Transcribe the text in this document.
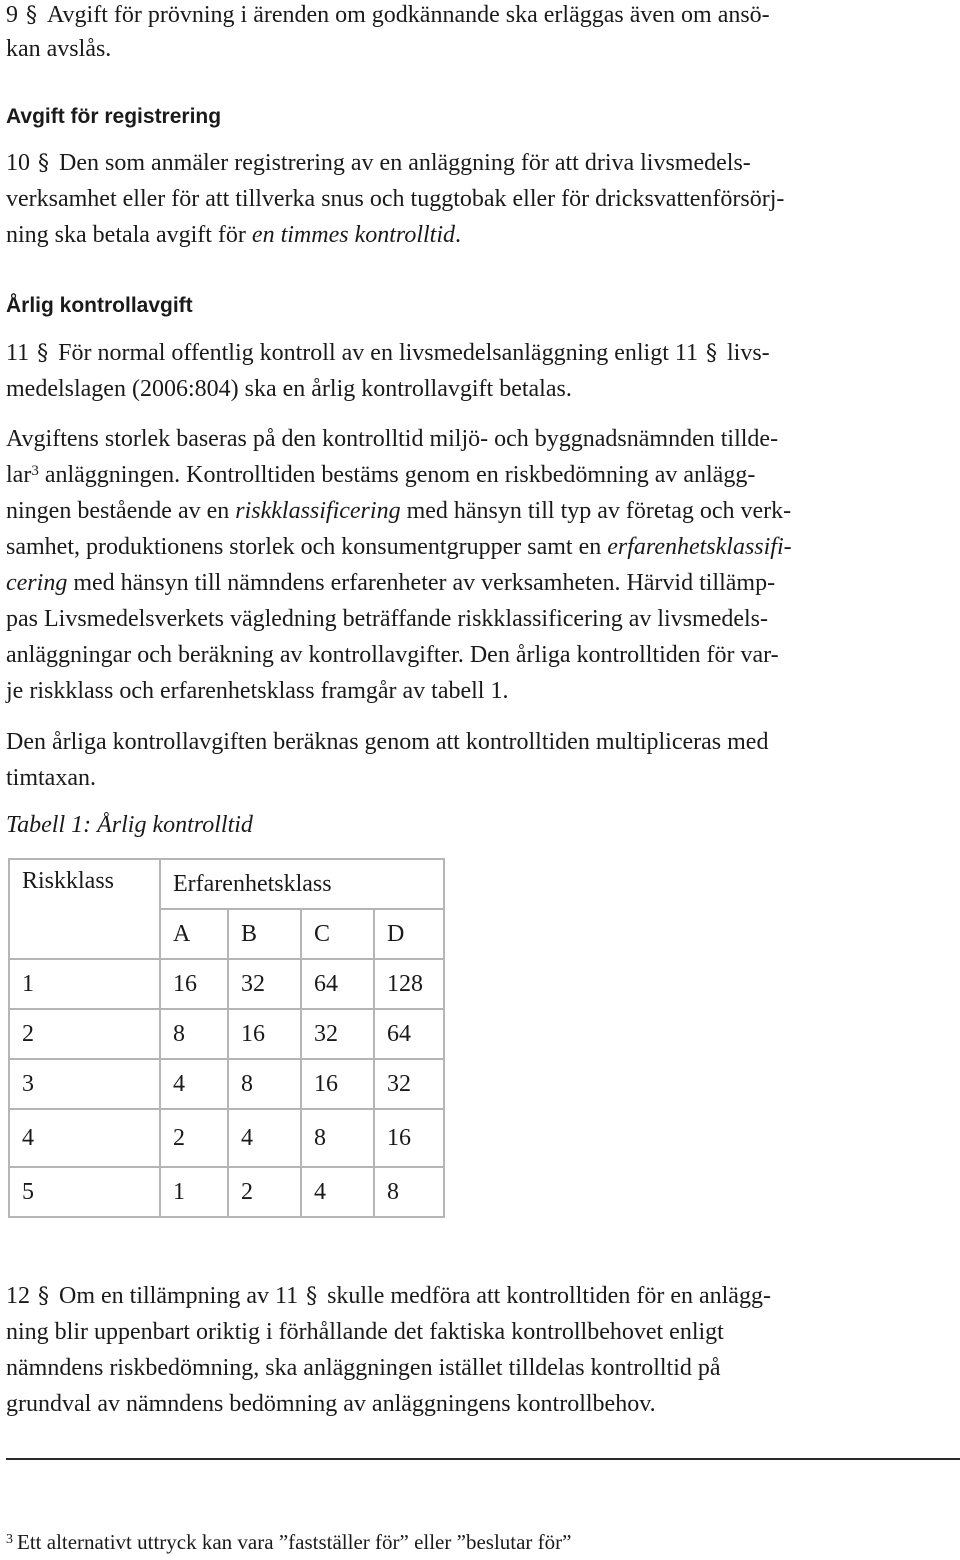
9 § Avgift för prövning i ärenden om godkännande ska erläggas även om ansö-
kan avslås.
Avgift för registrering
10 § Den som anmäler registrering av en anläggning för att driva livsmedels-
verksamhet eller för att tillverka snus och tuggtobak eller för dricksvattenförsörj-
ning ska betala avgift för en timmes kontrolltid.
Årlig kontrollavgift
11 § För normal offentlig kontroll av en livsmedelsanläggning enligt 11 § livs-
medelslagen (2006:804) ska en årlig kontrollavgift betalas.
Avgiftens storlek baseras på den kontrolltid miljö- och byggnadsnämnden tillde-
lar$^3$ anläggningen. Kontrolltiden bestäms genom en riskbedömning av anlägg-
ningen bestående av en riskklassificering med hänsyn till typ av företag och verk-
samhet, produktionens storlek och konsumentgrupper samt en erfarenhetsklassifi-
cering med hänsyn till nämndens erfarenheter av verksamheten. Härvid tillämp-
pas Livsmedelsverkets vägledning beträffande riskklassificering av livsmedels-
anläggningar och beräkning av kontrollavgifter. Den årliga kontrolltiden för var-
je riskklass och erfarenhetsklass framgår av tabell 1.
Den årliga kontrollavgiften beräknas genom att kontrolltiden multipliceras med
timtaxan.
Tabell 1: Årlig kontrolltid
Riskklass	Erfarenhetsklass			
	A	B	C	D
1	16	32	64	128
2	8	16	32	64
3	4	8	16	32
4	2	4	8	16
5	1	2	4	8
12 § Om en tillämpning av 11 § skulle medföra att kontrolltiden för en anlägg-
ning blir uppenbart oriktig i förhållande det faktiska kontrollbehovet enligt
nämndens riskbedömning, ska anläggningen istället tilldelas kontrolltid på
grundval av nämndens bedömning av anläggningens kontrollbehov.
$^3$ Ett alternativt uttryck kan vara ”fastställer för” eller ”beslutar för”
